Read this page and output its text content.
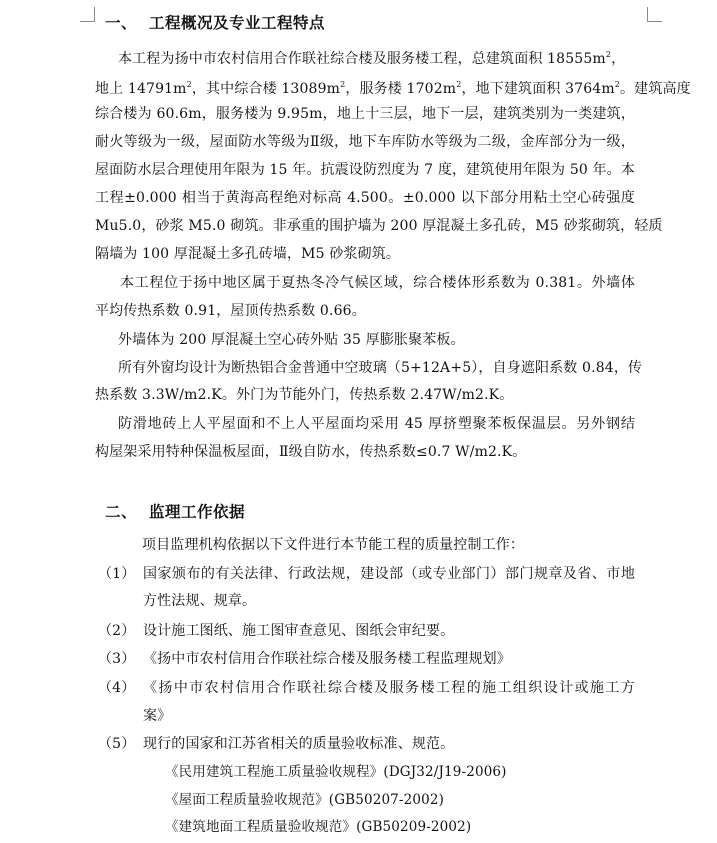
一、 工程概况及专业工程特点
本工程为扬中市农村信用合作联社综合楼及服务楼工程，总建筑面积 $18555m^2$，
地上 $14791m^2$，其中综合楼 $13089m^2$，服务楼 $1702m^2$，地下建筑面积 $3764m^2$。建筑高度
综合楼为 60.6m，服务楼为 9.95m，地上十三层，地下一层，建筑类别为一类建筑，
耐火等级为一级，屋面防水等级为Ⅱ级，地下车库防水等级为二级，金库部分为一级，
屋面防水层合理使用年限为 15 年。抗震设防烈度为 7 度，建筑使用年限为 50 年。本
工程±0.000 相当于黄海高程绝对标高 4.500。±0.000 以下部分用粘土空心砖强度
Mu5.0，砂浆 M5.0 砌筑。非承重的围护墙为 200 厚混凝土多孔砖，M5 砂浆砌筑，轻质
隔墙为 100 厚混凝土多孔砖墙，M5 砂浆砌筑。
本工程位于扬中地区属于夏热冬冷气候区域，综合楼体形系数为 0.381。外墙体
平均传热系数 0.91，屋顶传热系数 0.66。
外墙体为 200 厚混凝土空心砖外贴 35 厚膨胀聚苯板。
所有外窗均设计为断热铝合金普通中空玻璃（5+12A+5），自身遮阳系数 0.84，传
热系数 3.3W/m2.K。外门为节能外门，传热系数 2.47W/m2.K。
防滑地砖上人平屋面和不上人平屋面均采用 45 厚挤塑聚苯板保温层。另外钢结
构屋架采用特种保温板屋面，Ⅱ级自防水，传热系数≤0.7 W/m2.K。
二、 监理工作依据
项目监理机构依据以下文件进行本节能工程的质量控制工作：
（1） 国家颁布的有关法律、行政法规，建设部（或专业部门）部门规章及省、市地
方性法规、规章。
（2） 设计施工图纸、施工图审查意见、图纸会审纪要。
（3） 《扬中市农村信用合作联社综合楼及服务楼工程监理规划》
（4） 《扬中市农村信用合作联社综合楼及服务楼工程的施工组织设计或施工方
案》
（5） 现行的国家和江苏省相关的质量验收标准、规范。
《民用建筑工程施工质量验收规程》(DGJ32/J19-2006)
《屋面工程质量验收规范》(GB50207-2002)
《建筑地面工程质量验收规范》(GB50209-2002)
